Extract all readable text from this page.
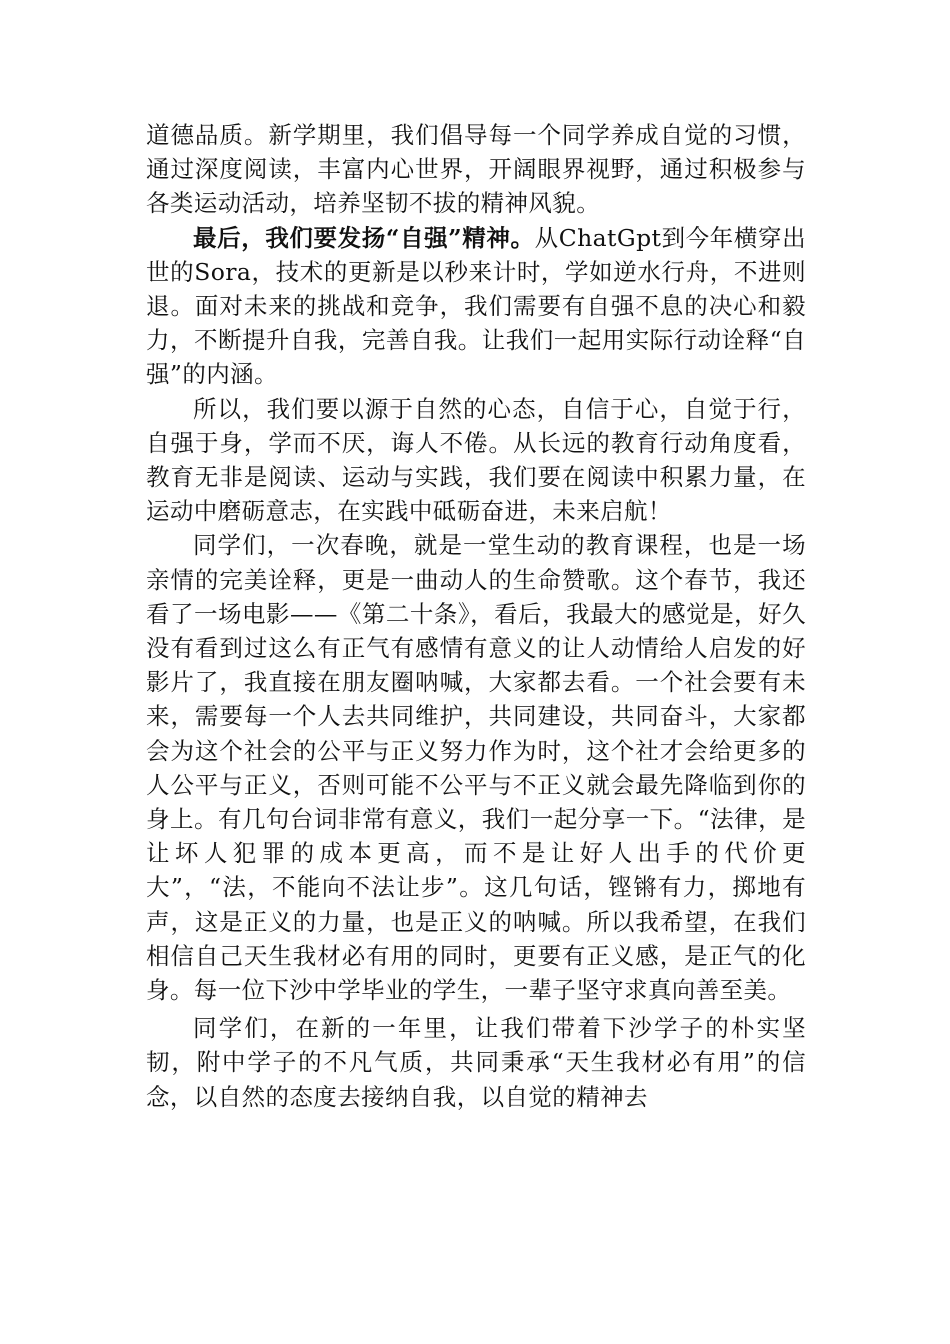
道德品质。新学期里，我们倡导每一个同学养成自觉的习惯，通过深度阅读，丰富内心世界，开阔眼界视野，通过积极参与各类运动活动，培养坚韧不拔的精神风貌。

最后，我们要发扬“自强”精神。从ChatGpt到今年横穿出世的Sora，技术的更新是以秒来计时，学如逆水行舟，不进则退。面对未来的挑战和竞争，我们需要有自强不息的决心和毅力，不断提升自我，完善自我。让我们一起用实际行动诠释“自强”的内涵。

所以，我们要以源于自然的心态，自信于心，自觉于行，自强于身，学而不厌，诲人不倦。从长远的教育行动角度看，教育无非是阅读、运动与实践，我们要在阅读中积累力量，在运动中磨砺意志，在实践中砥砺奋进，未来启航！

同学们，一次春晚，就是一堂生动的教育课程，也是一场亲情的完美诠释，更是一曲动人的生命赞歌。这个春节，我还看了一场电影——《第二十条》，看后，我最大的感觉是，好久没有看到过这么有正气有感情有意义的让人动情给人启发的好影片了，我直接在朋友圈呐喊，大家都去看。一个社会要有未来，需要每一个人去共同维护，共同建设，共同奋斗，大家都会为这个社会的公平与正义努力作为时，这个社才会给更多的人公平与正义，否则可能不公平与不正义就会最先降临到你的身上。有几句台词非常有意义，我们一起分享一下。“法律，是让坏人犯罪的成本更高，而不是让好人出手的代价更大”，“法，不能向不法让步”。这几句话，铿锵有力，掷地有声，这是正义的力量，也是正义的呐喊。所以我希望，在我们相信自己天生我材必有用的同时，更要有正义感，是正气的化身。每一位下沙中学毕业的学生，一辈子坚守求真向善至美。

同学们，在新的一年里，让我们带着下沙学子的朴实坚韧，附中学子的不凡气质，共同秉承“天生我材必有用”的信念，以自然的态度去接纳自我，以自觉的精神去
